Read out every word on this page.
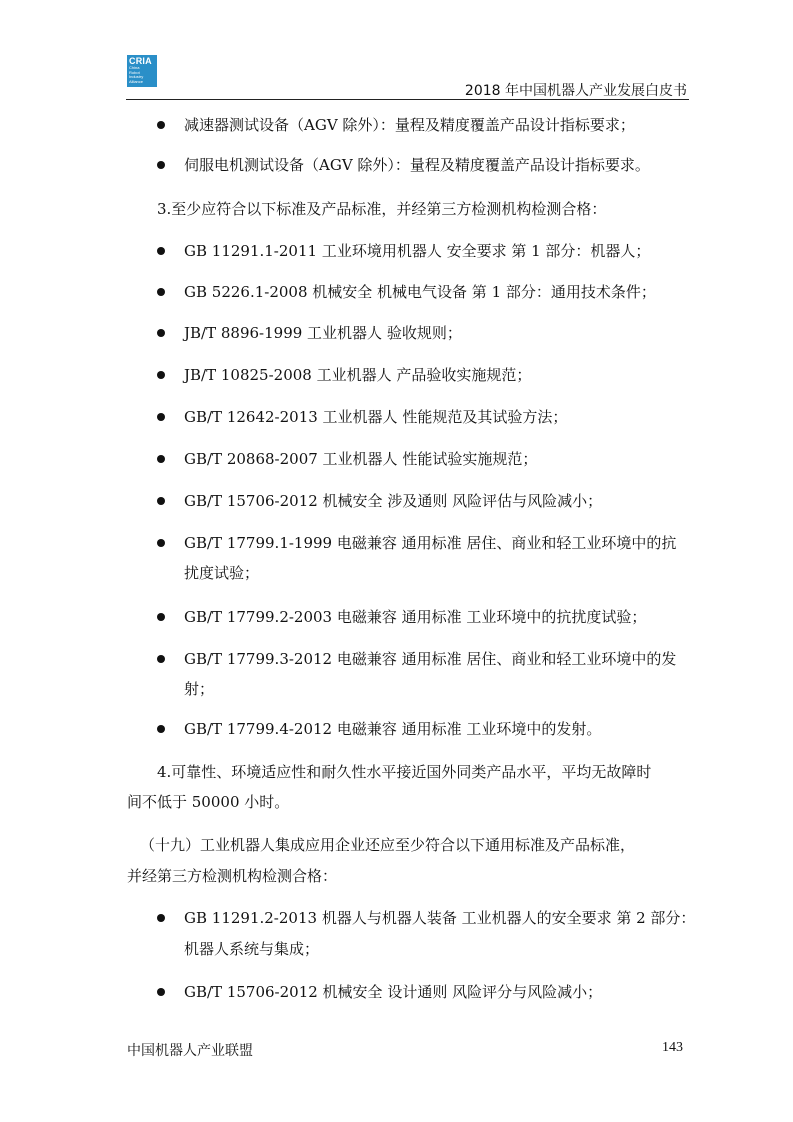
CRIA
China
Robot
Industry
Alliance
2018 年中国机器人产业发展白皮书
减速器测试设备（AGV 除外）：量程及精度覆盖产品设计指标要求；
伺服电机测试设备（AGV 除外）：量程及精度覆盖产品设计指标要求。
3.至少应符合以下标准及产品标准，并经第三方检测机构检测合格：
GB 11291.1-2011 工业环境用机器人 安全要求 第 1 部分：机器人；
GB 5226.1-2008 机械安全 机械电气设备 第 1 部分：通用技术条件；
JB/T 8896-1999 工业机器人 验收规则；
JB/T 10825-2008 工业机器人 产品验收实施规范；
GB/T 12642-2013 工业机器人 性能规范及其试验方法；
GB/T 20868-2007 工业机器人 性能试验实施规范；
GB/T 15706-2012 机械安全 涉及通则 风险评估与风险减小；
GB/T 17799.1-1999 电磁兼容 通用标准 居住、商业和轻工业环境中的抗
扰度试验；
GB/T 17799.2-2003 电磁兼容 通用标准 工业环境中的抗扰度试验；
GB/T 17799.3-2012 电磁兼容 通用标准 居住、商业和轻工业环境中的发
射；
GB/T 17799.4-2012 电磁兼容 通用标准 工业环境中的发射。
4.可靠性、环境适应性和耐久性水平接近国外同类产品水平，平均无故障时
间不低于 50000 小时。
（十九）工业机器人集成应用企业还应至少符合以下通用标准及产品标准，
并经第三方检测机构检测合格：
GB 11291.2-2013 机器人与机器人装备 工业机器人的安全要求 第 2 部分：
机器人系统与集成；
GB/T 15706-2012 机械安全 设计通则 风险评分与风险减小；
中国机器人产业联盟	143
